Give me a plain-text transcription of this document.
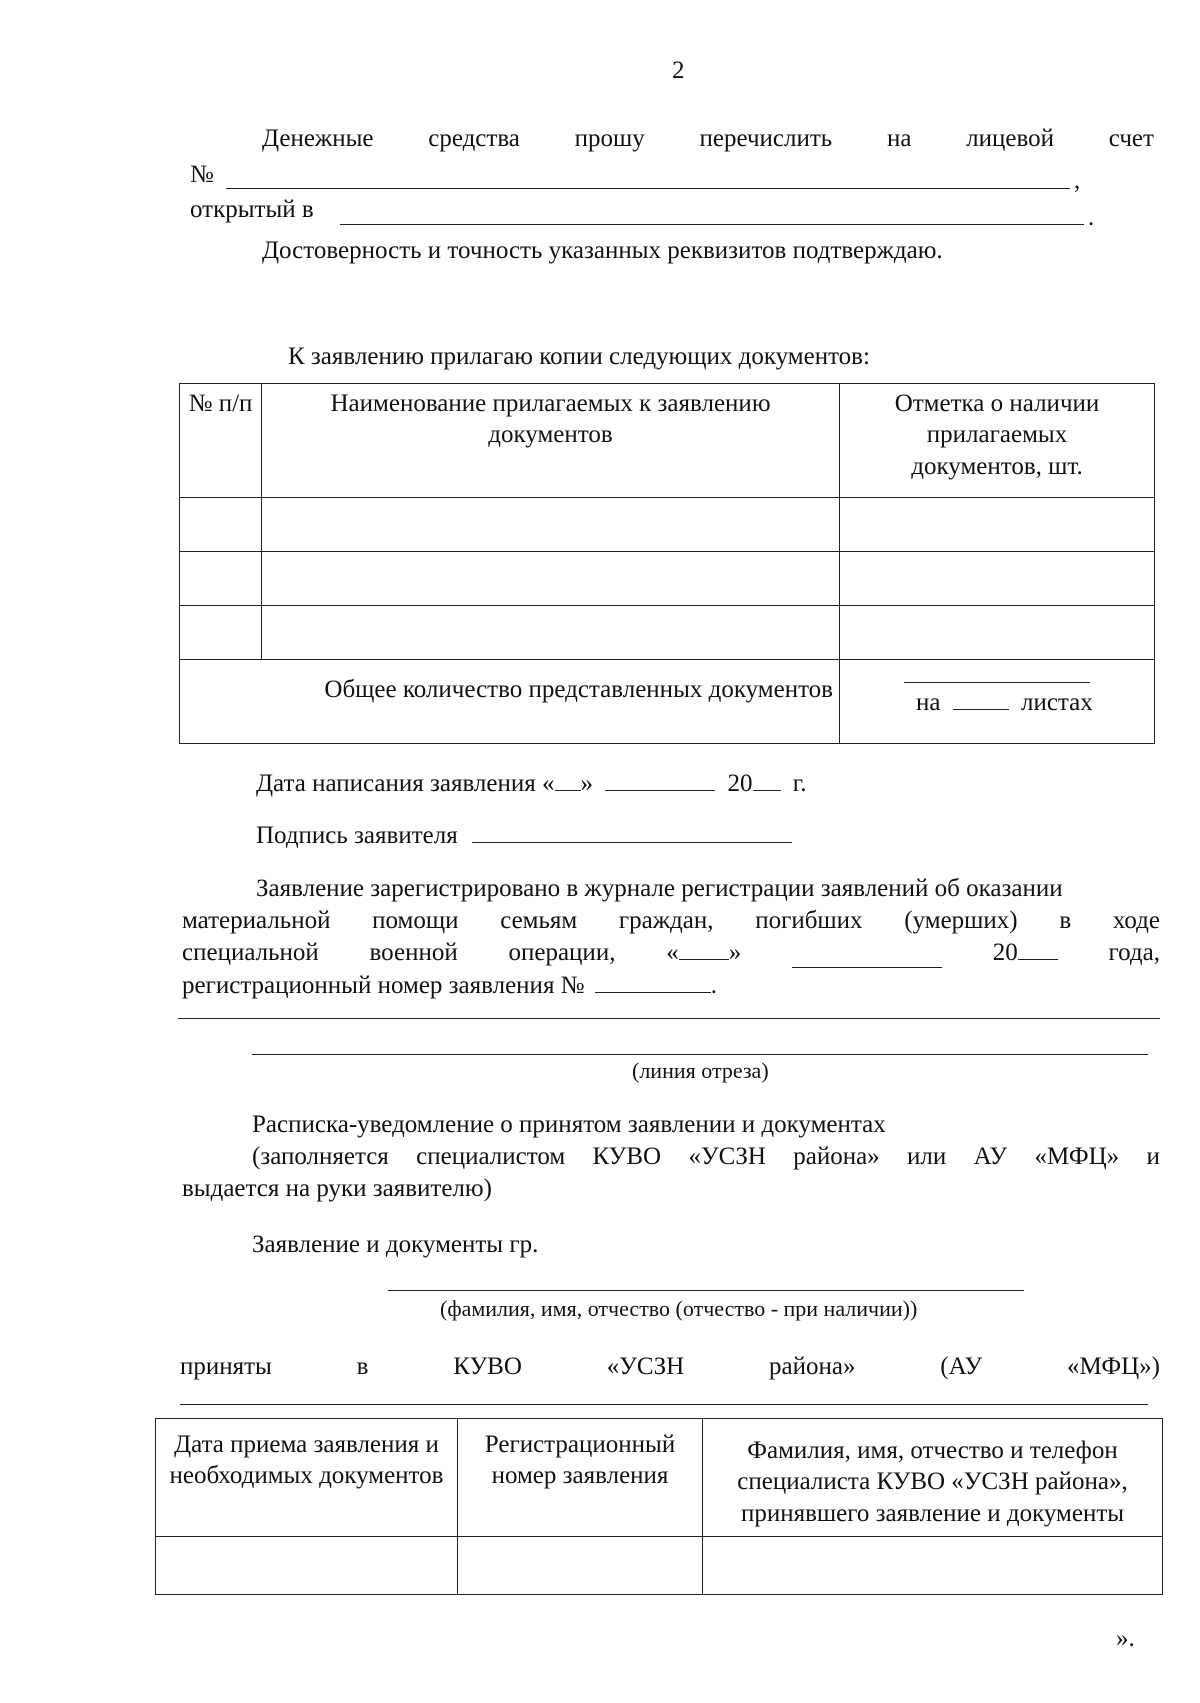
2
Денежные средства прошу перечислить на лицевой счет
№	,
открытый в	.
Достоверность и точность указанных реквизитов подтверждаю.
К заявлению прилагаю копии следующих документов:
№ п/п	Наименование прилагаемых к заявлению документов	Отметка о наличии прилагаемых документов, шт.

Общее количество представленных документов		на листах
Дата написания заявления « »	20 г.
Подпись заявителя
Заявление зарегистрировано в журнале регистрации заявлений об оказании
материальной помощи семьям граждан, погибших (умерших) в ходе
специальной военной операции, « »	20	года,
регистрационный номер заявления №	.
(линия отреза)
Расписка-уведомление о принятом заявлении и документах
(заполняется специалистом КУВО «УСЗН района» или АУ «МФЦ» и
выдается на руки заявителю)
Заявление и документы гр.
(фамилия, имя, отчество (отчество - при наличии))
приняты	в	КУВО	«УСЗН	района»	(АУ	«МФЦ»)
Дата приема заявления и необходимых документов	Регистрационный номер заявления	Фамилия, имя, отчество и телефон специалиста КУВО «УСЗН района», принявшего заявление и документы

».
